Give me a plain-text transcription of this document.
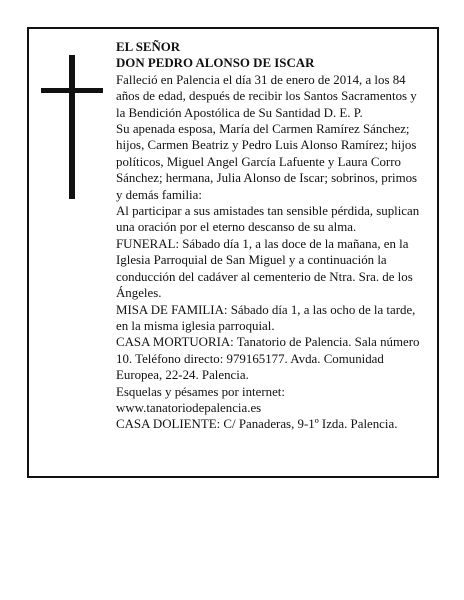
EL SEÑOR

DON PEDRO ALONSO DE ISCAR

Falleció en Palencia el día 31 de enero de 2014, a los 84 años de edad, después de recibir los Santos Sacramentos y la Bendición Apostólica de Su Santidad D. E. P.

Su apenada esposa, María del Carmen Ramírez Sánchez; hijos, Carmen Beatriz y Pedro Luis Alonso Ramírez; hijos políticos, Miguel Angel García Lafuente y Laura Corro Sánchez; hermana, Julia Alonso de Iscar; sobrinos, primos y demás familia:

Al participar a sus amistades tan sensible pérdida, suplican una oración por el eterno descanso de su alma.

FUNERAL: Sábado día 1, a las doce de la mañana, en la Iglesia Parroquial de San Miguel y a continuación la conducción del cadáver al cementerio de Ntra. Sra. de los Ángeles.

MISA DE FAMILIA: Sábado día 1, a las ocho de la tarde, en la misma iglesia parroquial.

CASA MORTUORIA: Tanatorio de Palencia. Sala número 10. Teléfono directo: 979165177. Avda. Comunidad Europea, 22-24. Palencia.

Esquelas y pésames por internet: www.tanatoriodepalencia.es

CASA DOLIENTE: C/ Panaderas, 9-1º Izda. Palencia.
